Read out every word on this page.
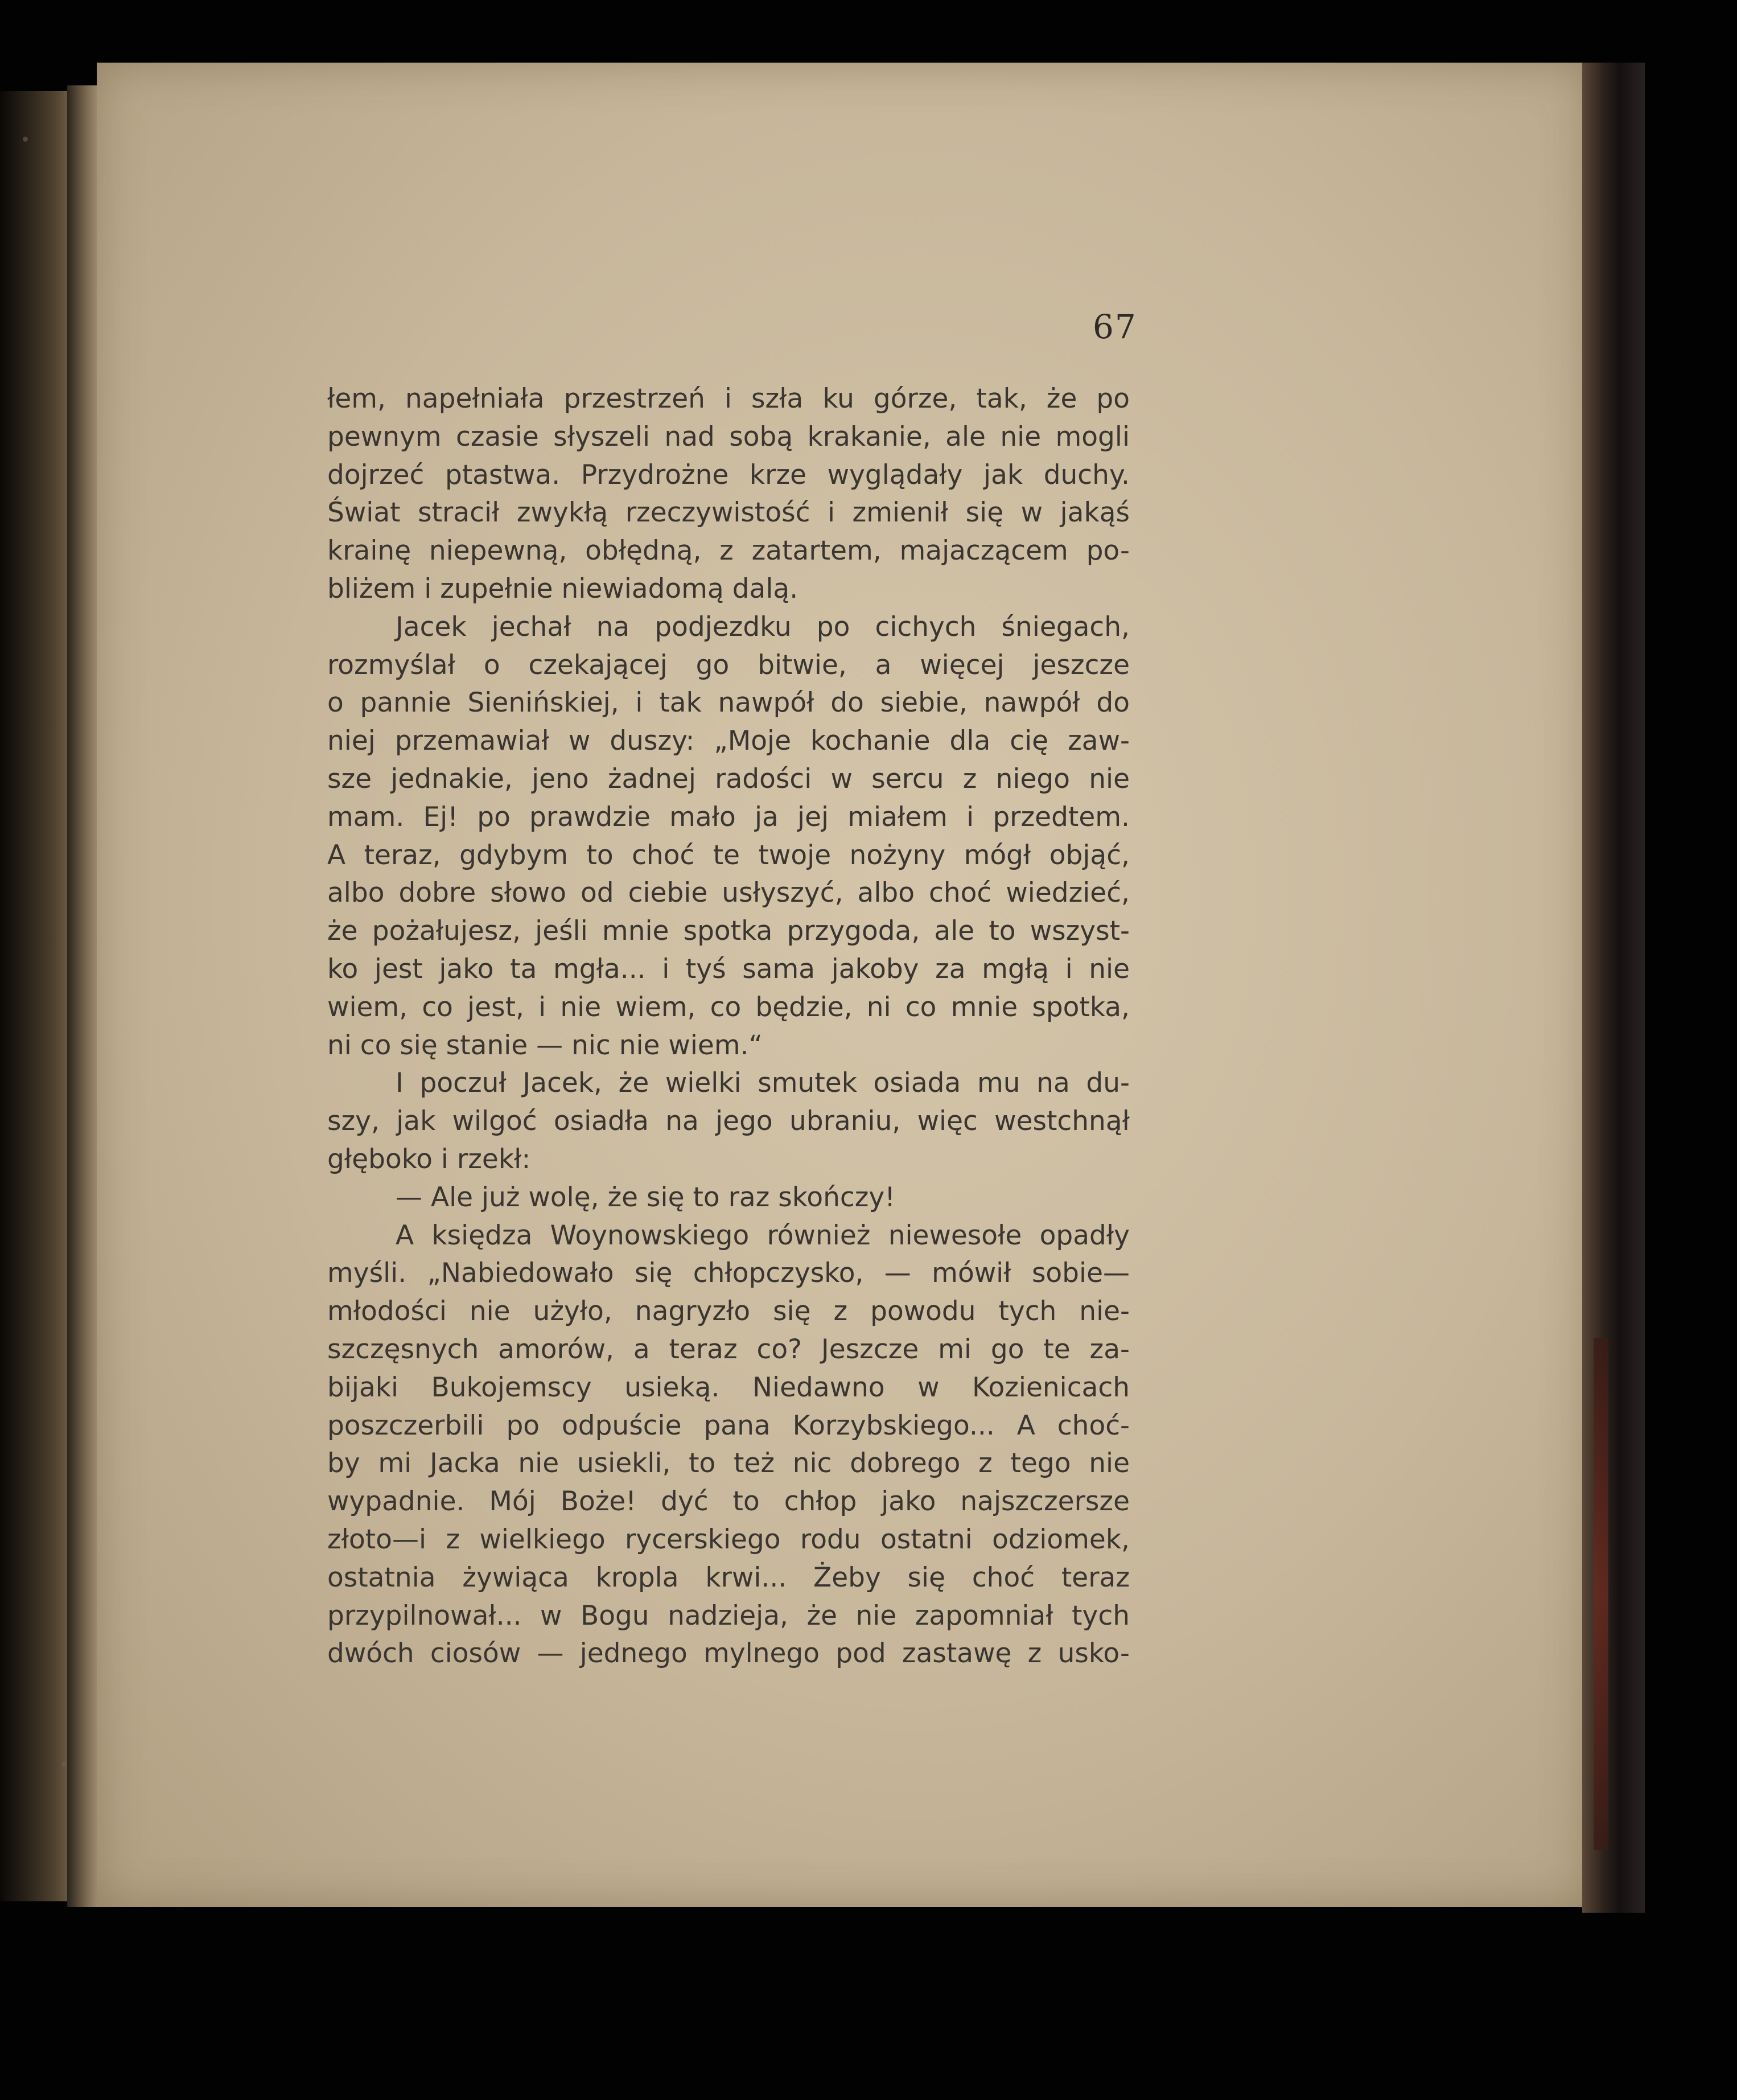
67
łem, napełniała przestrzeń i szła ku górze, tak, że po
pewnym czasie słyszeli nad sobą krakanie, ale nie mogli
dojrzeć ptastwa. Przydrożne krze wyglądały jak duchy.
Świat stracił zwykłą rzeczywistość i zmienił się w jakąś
krainę niepewną, obłędną, z zatartem, majaczącem po-
bliżem i zupełnie niewiadomą dalą.
Jacek jechał na podjezdku po cichych śniegach,
rozmyślał o czekającej go bitwie, a więcej jeszcze
o pannie Sienińskiej, i tak nawpół do siebie, nawpół do
niej przemawiał w duszy: „Moje kochanie dla cię zaw-
sze jednakie, jeno żadnej radości w sercu z niego nie
mam. Ej! po prawdzie mało ja jej miałem i przedtem.
A teraz, gdybym to choć te twoje nożyny mógł objąć,
albo dobre słowo od ciebie usłyszyć, albo choć wiedzieć,
że pożałujesz, jeśli mnie spotka przygoda, ale to wszyst-
ko jest jako ta mgła... i tyś sama jakoby za mgłą i nie
wiem, co jest, i nie wiem, co będzie, ni co mnie spotka,
ni co się stanie — nic nie wiem.“
I poczuł Jacek, że wielki smutek osiada mu na du-
szy, jak wilgoć osiadła na jego ubraniu, więc westchnął
głęboko i rzekł:
— Ale już wolę, że się to raz skończy!
A księdza Woynowskiego również niewesołe opadły
myśli. „Nabiedowało się chłopczysko, — mówił sobie—
młodości nie użyło, nagryzło się z powodu tych nie-
szczęsnych amorów, a teraz co? Jeszcze mi go te za-
bijaki Bukojemscy usieką. Niedawno w Kozienicach
poszczerbili po odpuście pana Korzybskiego... A choć-
by mi Jacka nie usiekli, to też nic dobrego z tego nie
wypadnie. Mój Boże! dyć to chłop jako najszczersze
złoto—i z wielkiego rycerskiego rodu ostatni odziomek,
ostatnia żywiąca kropla krwi... Żeby się choć teraz
przypilnował... w Bogu nadzieja, że nie zapomniał tych
dwóch ciosów — jednego mylnego pod zastawę z usko-
